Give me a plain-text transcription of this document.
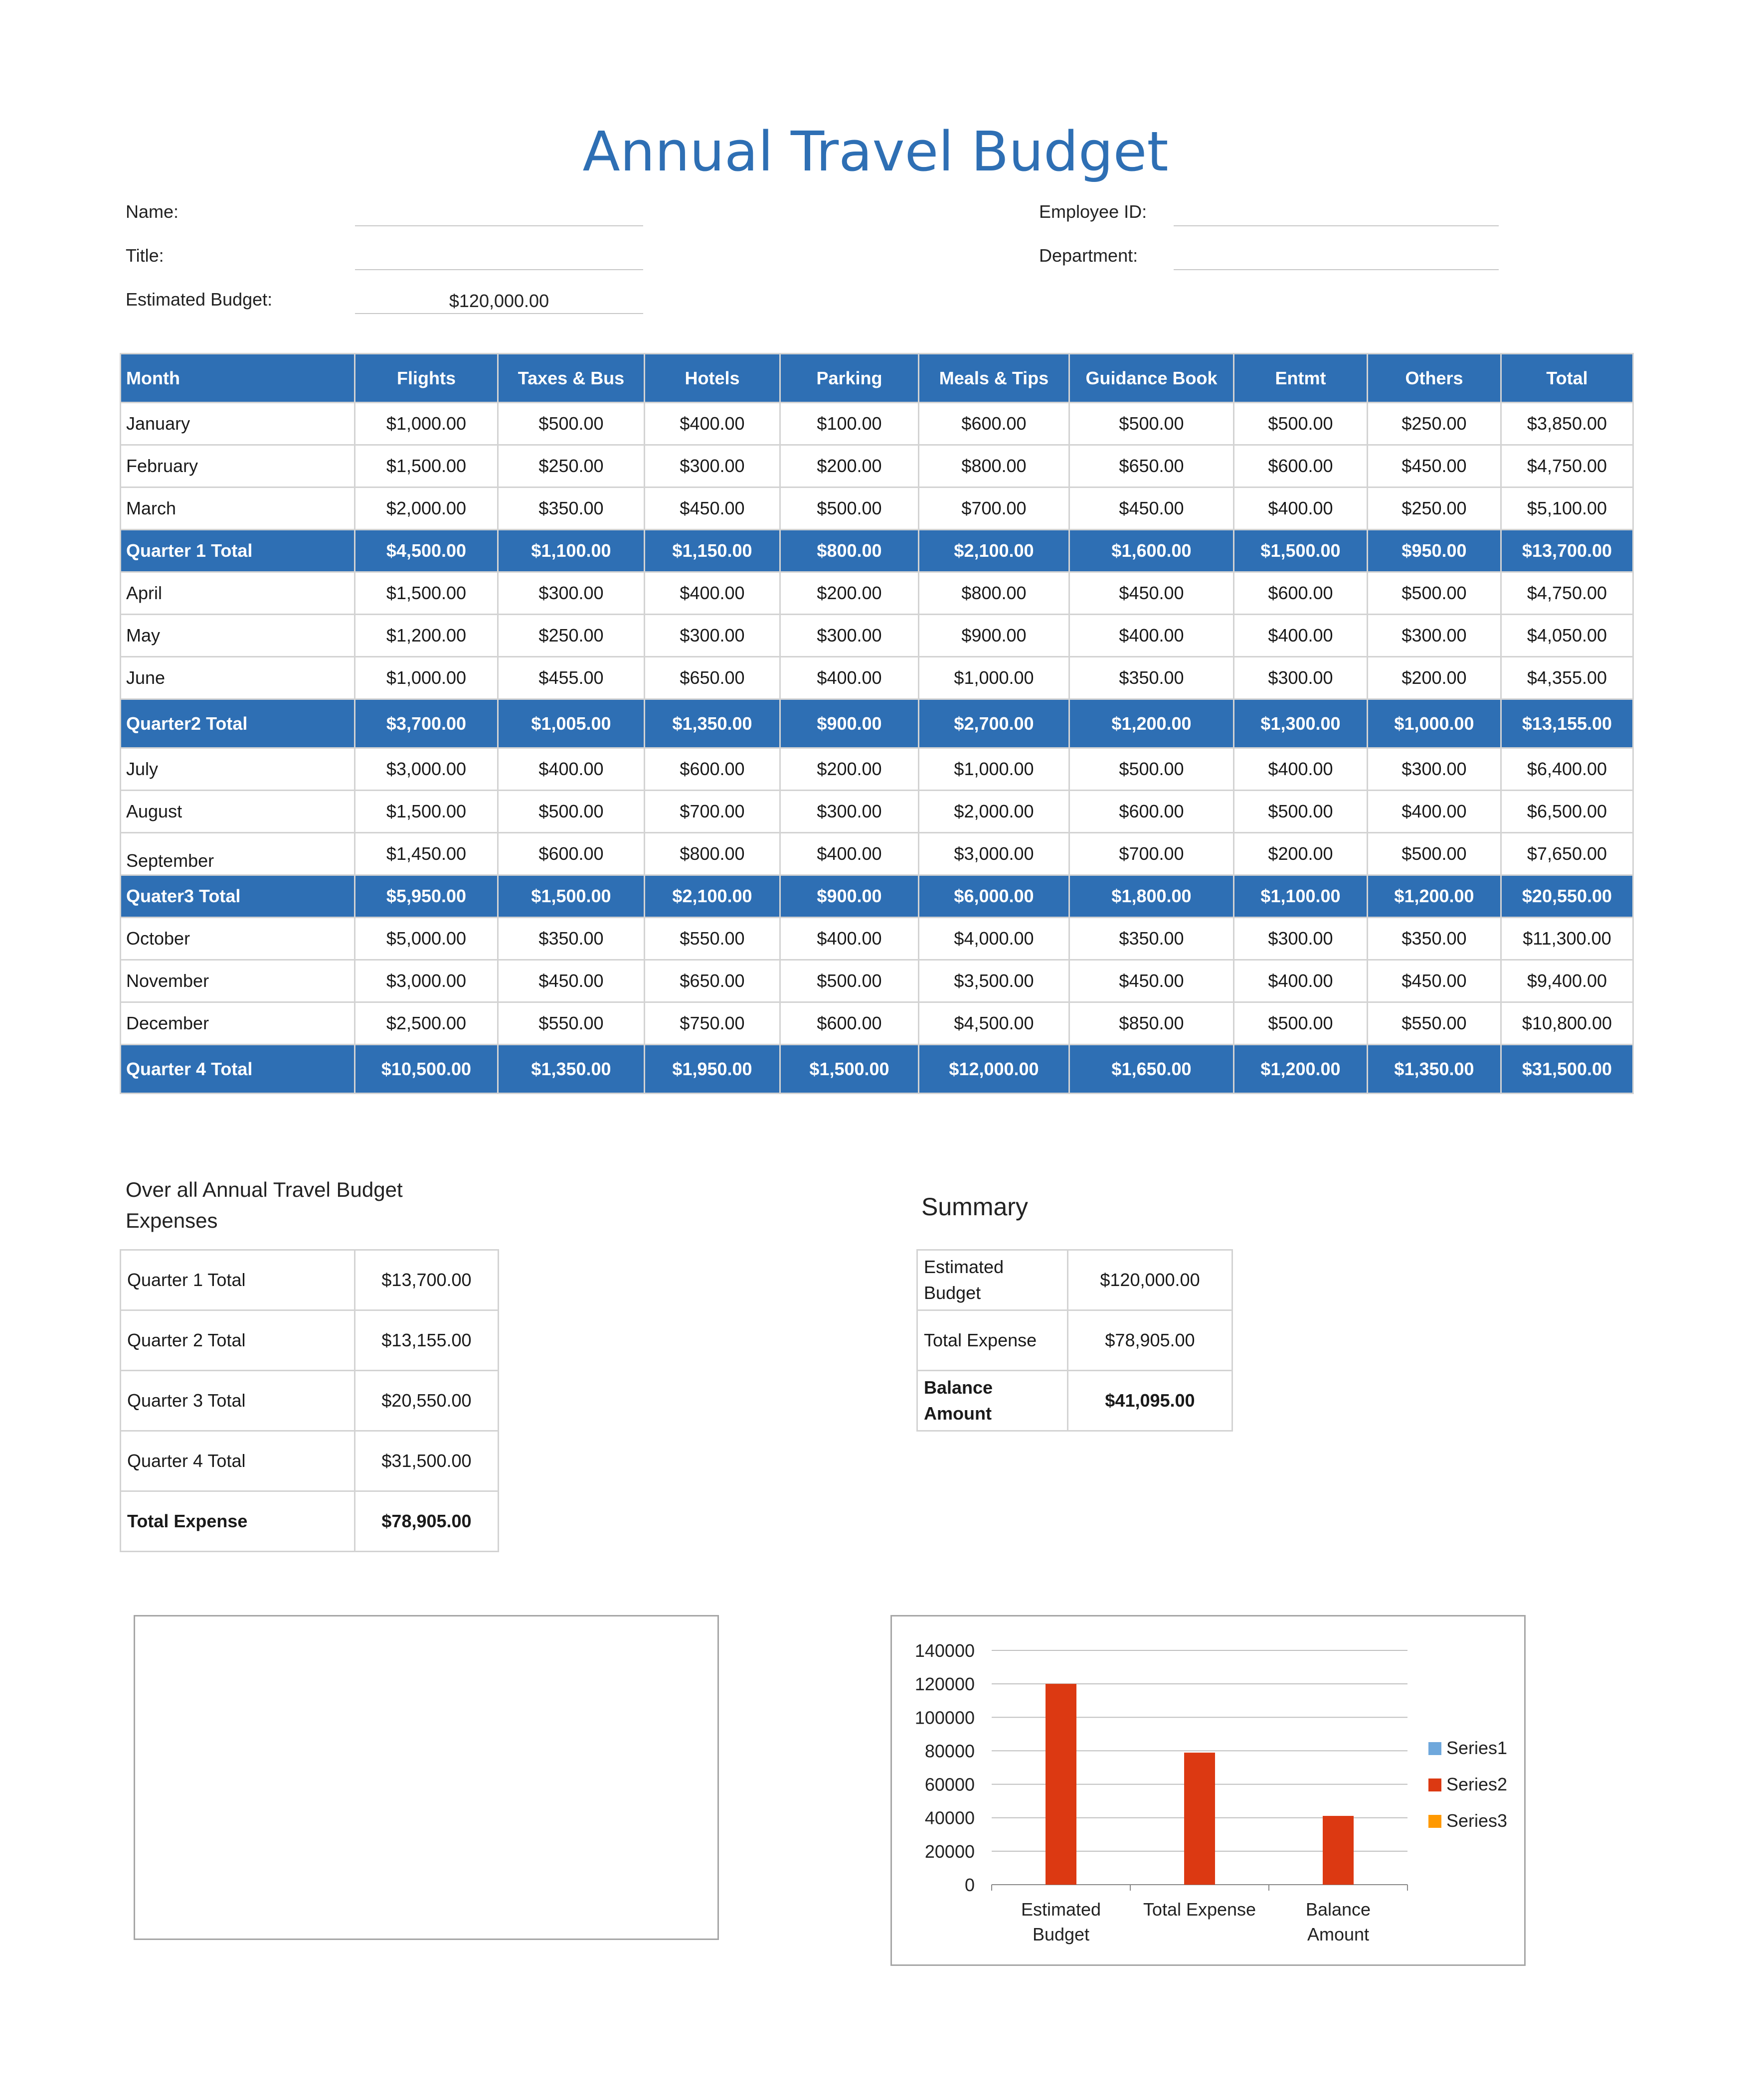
Annual Travel Budget
Name:
Title:
Estimated Budget:	$120,000.00
Employee ID:
Department:
Month	Flights	Taxes & Bus	Hotels	Parking	Meals & Tips	Guidance Book	Entmt	Others	Total
January	$1,000.00	$500.00	$400.00	$100.00	$600.00	$500.00	$500.00	$250.00	$3,850.00
February	$1,500.00	$250.00	$300.00	$200.00	$800.00	$650.00	$600.00	$450.00	$4,750.00
March	$2,000.00	$350.00	$450.00	$500.00	$700.00	$450.00	$400.00	$250.00	$5,100.00
Quarter 1 Total	$4,500.00	$1,100.00	$1,150.00	$800.00	$2,100.00	$1,600.00	$1,500.00	$950.00	$13,700.00
April	$1,500.00	$300.00	$400.00	$200.00	$800.00	$450.00	$600.00	$500.00	$4,750.00
May	$1,200.00	$250.00	$300.00	$300.00	$900.00	$400.00	$400.00	$300.00	$4,050.00
June	$1,000.00	$455.00	$650.00	$400.00	$1,000.00	$350.00	$300.00	$200.00	$4,355.00
Quarter2 Total	$3,700.00	$1,005.00	$1,350.00	$900.00	$2,700.00	$1,200.00	$1,300.00	$1,000.00	$13,155.00
July	$3,000.00	$400.00	$600.00	$200.00	$1,000.00	$500.00	$400.00	$300.00	$6,400.00
August	$1,500.00	$500.00	$700.00	$300.00	$2,000.00	$600.00	$500.00	$400.00	$6,500.00
September	$1,450.00	$600.00	$800.00	$400.00	$3,000.00	$700.00	$200.00	$500.00	$7,650.00
Quater3 Total	$5,950.00	$1,500.00	$2,100.00	$900.00	$6,000.00	$1,800.00	$1,100.00	$1,200.00	$20,550.00
October	$5,000.00	$350.00	$550.00	$400.00	$4,000.00	$350.00	$300.00	$350.00	$11,300.00
November	$3,000.00	$450.00	$650.00	$500.00	$3,500.00	$450.00	$400.00	$450.00	$9,400.00
December	$2,500.00	$550.00	$750.00	$600.00	$4,500.00	$850.00	$500.00	$550.00	$10,800.00
Quarter 4 Total	$10,500.00	$1,350.00	$1,950.00	$1,500.00	$12,000.00	$1,650.00	$1,200.00	$1,350.00	$31,500.00
Over all Annual Travel Budget
Expenses
Quarter 1 Total	$13,700.00
Quarter 2 Total	$13,155.00
Quarter 3 Total	$20,550.00
Quarter 4 Total	$31,500.00
Total Expense	$78,905.00
Summary
Estimated
Budget	$120,000.00

Total Expense	$78,905.00

Balance
Amount	$41,095.00
140000
120000
100000
80000
60000
40000
20000
0
Estimated
Budget
Total Expense	Balance
Amount
Series1
Series2
Series3
